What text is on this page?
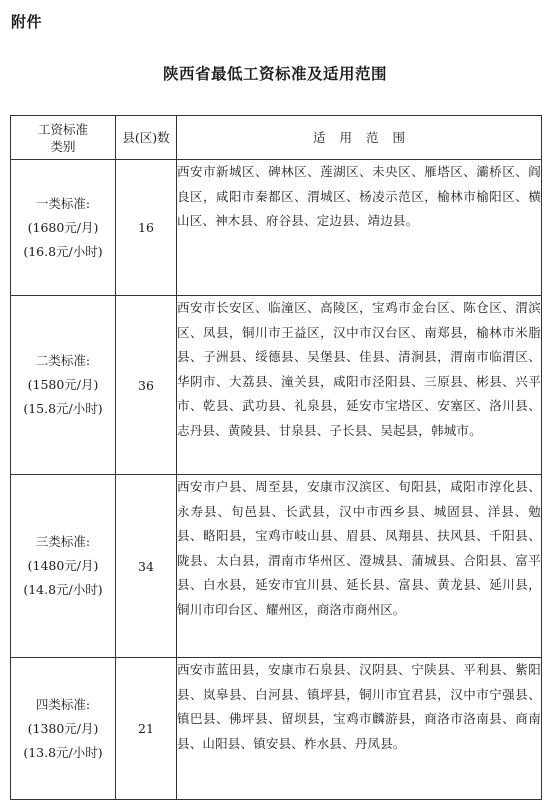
附件
陕西省最低工资标准及适用范围
工资标准类别	县(区)数	适用范围

一类标准:
(1680元/月)
(16.8元/小时)	16	西安市新城区、碑林区、莲湖区、未央区、雁塔区、灞桥区、阎良区，咸阳市秦都区、渭城区、杨凌示范区，榆林市榆阳区、横山区、神木县、府谷县、定边县、靖边县。

二类标准:
(1580元/月)
(15.8元/小时)	36	西安市长安区、临潼区、高陵区，宝鸡市金台区、陈仓区、渭滨区、凤县，铜川市王益区，汉中市汉台区、南郑县，榆林市米脂县、子洲县、绥德县、吴堡县、佳县、清涧县，渭南市临渭区、华阴市、大荔县、潼关县，咸阳市泾阳县、三原县、彬县、兴平市、乾县、武功县、礼泉县，延安市宝塔区、安塞区、洛川县、志丹县、黄陵县、甘泉县、子长县、吴起县，韩城市。

三类标准:
(1480元/月)
(14.8元/小时)	34	西安市户县、周至县，安康市汉滨区、旬阳县，咸阳市淳化县、永寿县、旬邑县、长武县，汉中市西乡县、城固县、洋县、勉县、略阳县，宝鸡市岐山县、眉县、凤翔县、扶风县、千阳县、陇县、太白县，渭南市华州区、澄城县、蒲城县、合阳县、富平县、白水县，延安市宜川县、延长县、富县、黄龙县、延川县，铜川市印台区、耀州区，商洛市商州区。

四类标准:
(1380元/月)
(13.8元/小时)	21	西安市蓝田县，安康市石泉县、汉阴县、宁陕县、平利县、紫阳县、岚皋县、白河县、镇坪县，铜川市宜君县，汉中市宁强县、镇巴县、佛坪县、留坝县，宝鸡市麟游县，商洛市洛南县、商南县、山阳县、镇安县、柞水县、丹凤县。
